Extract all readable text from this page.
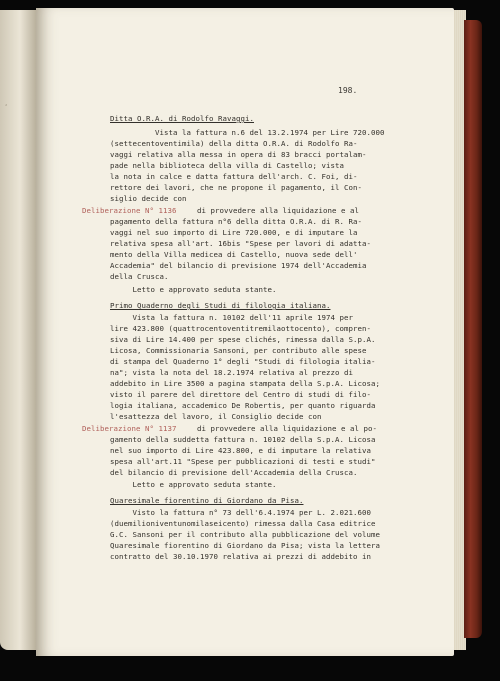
ʹ
198.
Ditta O.R.A. di Rodolfo Ravaggi.
Vista la fattura n.6 del 13.2.1974 per Lire 720.000
(settecentoventimila) della ditta O.R.A. di Rodolfo Ra-
vaggi relativa alla messa in opera di 83 bracci portalam-
pade nella biblioteca della villa di Castello; vista
la nota in calce e datta fattura dell'arch. C. Foi, di-
rettore dei lavori, che ne propone il pagamento, il Con-
siglio decide con
Deliberazione N° 1136	di provvedere alla liquidazione e al
pagamento della fattura n°6 della ditta O.R.A. di R. Ra-
vaggi nel suo importo di Lire 720.000, e di imputare la
relativa spesa all'art. 16bis "Spese per lavori di adatta-
mento della Villa medicea di Castello, nuova sede dell'
Accademia" del bilancio di previsione 1974 dell'Accademia
della Crusca.
Letto e approvato seduta stante.
Primo Quaderno degli Studi di filologia italiana.
Vista la fattura n. 10102 dell'11 aprile 1974 per
lire 423.800 (quattrocentoventitremilaottocento), compren-
siva di Lire 14.400 per spese clichés, rimessa dalla S.p.A.
Licosa, Commissionaria Sansoni, per contributo alle spese
di stampa del Quaderno 1° degli "Studi di filologia italia-
na"; vista la nota del 18.2.1974 relativa al prezzo di
addebito in Lire 3500 a pagina stampata della S.p.A. Licosa;
visto il parere del direttore del Centro di studi di filo-
logia italiana, accademico De Robertis, per quanto riguarda
l'esattezza del lavoro, il Consiglio decide con
Deliberazione N° 1137	di provvedere alla liquidazione e al po-
gamento della suddetta fattura n. 10102 della S.p.A. Licosa
nel suo importo di Lire 423.800, e di imputare la relativa
spesa all'art.11 "Spese per pubblicazioni di testi e studi"
del bilancio di previsione dell'Accademia della Crusca.
Letto e approvato seduta stante.
Quaresimale fiorentino di Giordano da Pisa.
Visto la fattura n° 73 dell'6.4.1974 per L. 2.021.600
(duemilioniventunomilaseicento) rimessa dalla Casa editrice
G.C. Sansoni per il contributo alla pubblicazione del volume
Quaresimale fiorentino di Giordano da Pisa; vista la lettera
contratto del 30.10.1970 relativa ai prezzi di addebito in
